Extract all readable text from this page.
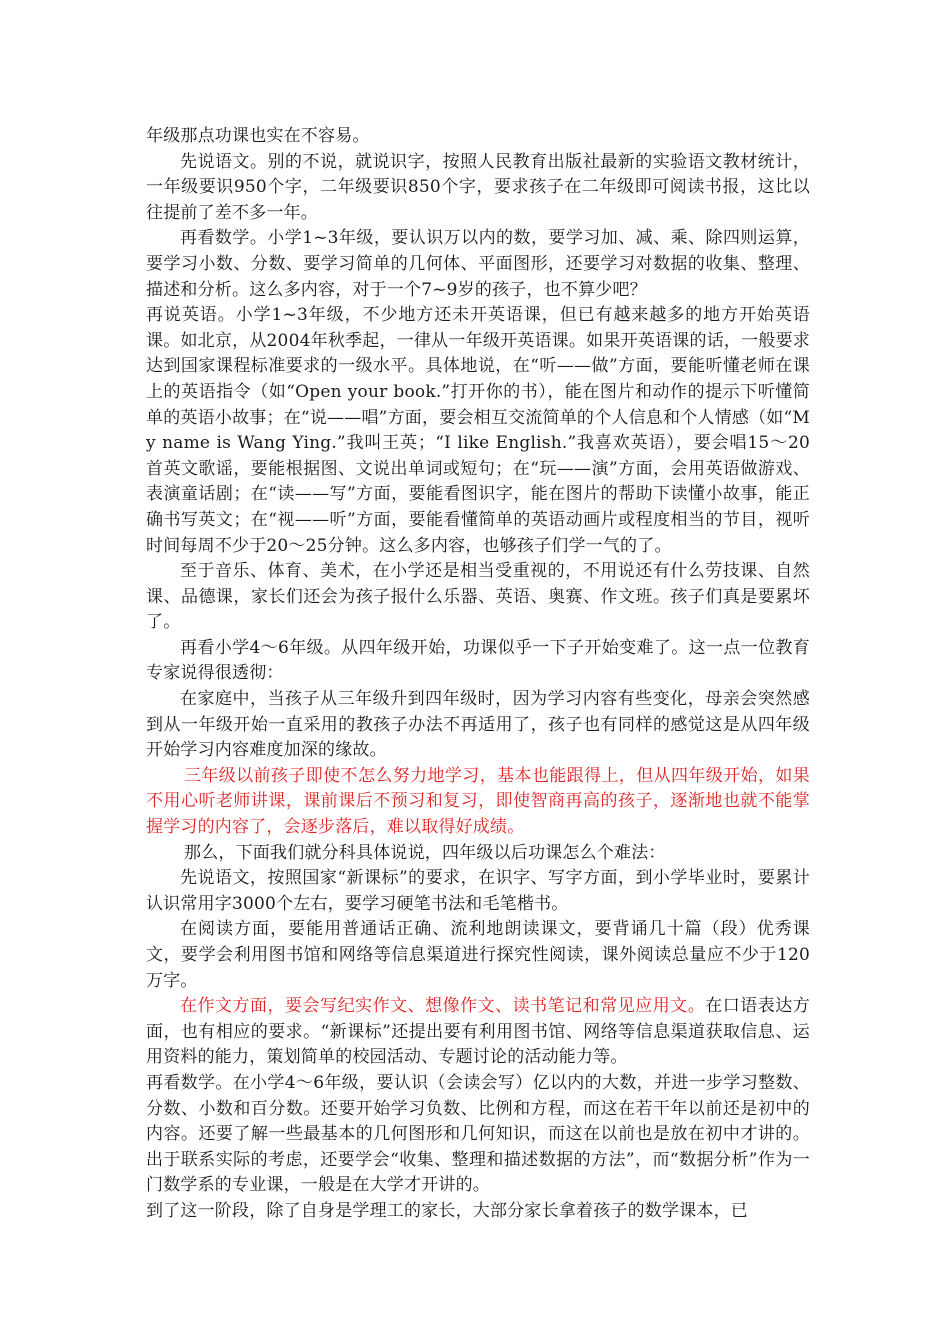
年级那点功课也实在不容易。

先说语文。别的不说，就说识字，按照人民教育出版社最新的实验语文教材统计，一年级要识950个字，二年级要识850个字，要求孩子在二年级即可阅读书报，这比以往提前了差不多一年。

再看数学。小学1~3年级，要认识万以内的数，要学习加、减、乘、除四则运算，要学习小数、分数、要学习简单的几何体、平面图形，还要学习对数据的收集、整理、描述和分析。这么多内容，对于一个7~9岁的孩子，也不算少吧？

再说英语。小学1~3年级，不少地方还未开英语课，但已有越来越多的地方开始英语课。如北京，从2004年秋季起，一律从一年级开英语课。如果开英语课的话，一般要求达到国家课程标准要求的一级水平。具体地说，在“听——做”方面，要能听懂老师在课上的英语指令（如“Open your book.”打开你的书），能在图片和动作的提示下听懂简单的英语小故事；在“说——唱”方面，要会相互交流简单的个人信息和个人情感（如“My name is Wang Ying.”我叫王英；“I like English.”我喜欢英语），要会唱15～20首英文歌谣，要能根据图、文说出单词或短句；在“玩——演”方面，会用英语做游戏、表演童话剧；在“读——写”方面，要能看图识字，能在图片的帮助下读懂小故事，能正确书写英文；在“视——听”方面，要能看懂简单的英语动画片或程度相当的节目，视听时间每周不少于20～25分钟。这么多内容，也够孩子们学一气的了。

至于音乐、体育、美术，在小学还是相当受重视的，不用说还有什么劳技课、自然课、品德课，家长们还会为孩子报什么乐器、英语、奥赛、作文班。孩子们真是要累坏了。

再看小学4～6年级。从四年级开始，功课似乎一下子开始变难了。这一点一位教育专家说得很透彻：

在家庭中，当孩子从三年级升到四年级时，因为学习内容有些变化，母亲会突然感到从一年级开始一直采用的教孩子办法不再适用了，孩子也有同样的感觉这是从四年级开始学习内容难度加深的缘故。

三年级以前孩子即使不怎么努力地学习，基本也能跟得上，但从四年级开始，如果不用心听老师讲课，课前课后不预习和复习，即使智商再高的孩子，逐渐地也就不能掌握学习的内容了，会逐步落后，难以取得好成绩。

那么，下面我们就分科具体说说，四年级以后功课怎么个难法：

先说语文，按照国家“新课标”的要求，在识字、写字方面，到小学毕业时，要累计认识常用字3000个左右，要学习硬笔书法和毛笔楷书。

在阅读方面，要能用普通话正确、流利地朗读课文，要背诵几十篇（段）优秀课文，要学会利用图书馆和网络等信息渠道进行探究性阅读，课外阅读总量应不少于120万字。

在作文方面，要会写纪实作文、想像作文、读书笔记和常见应用文。在口语表达方面，也有相应的要求。“新课标”还提出要有利用图书馆、网络等信息渠道获取信息、运用资料的能力，策划简单的校园活动、专题讨论的活动能力等。

再看数学。在小学4～6年级，要认识（会读会写）亿以内的大数，并进一步学习整数、分数、小数和百分数。还要开始学习负数、比例和方程，而这在若干年以前还是初中的内容。还要了解一些最基本的几何图形和几何知识，而这在以前也是放在初中才讲的。出于联系实际的考虑，还要学会“收集、整理和描述数据的方法”，而“数据分析”作为一门数学系的专业课，一般是在大学才开讲的。

到了这一阶段，除了自身是学理工的家长，大部分家长拿着孩子的数学课本，已
